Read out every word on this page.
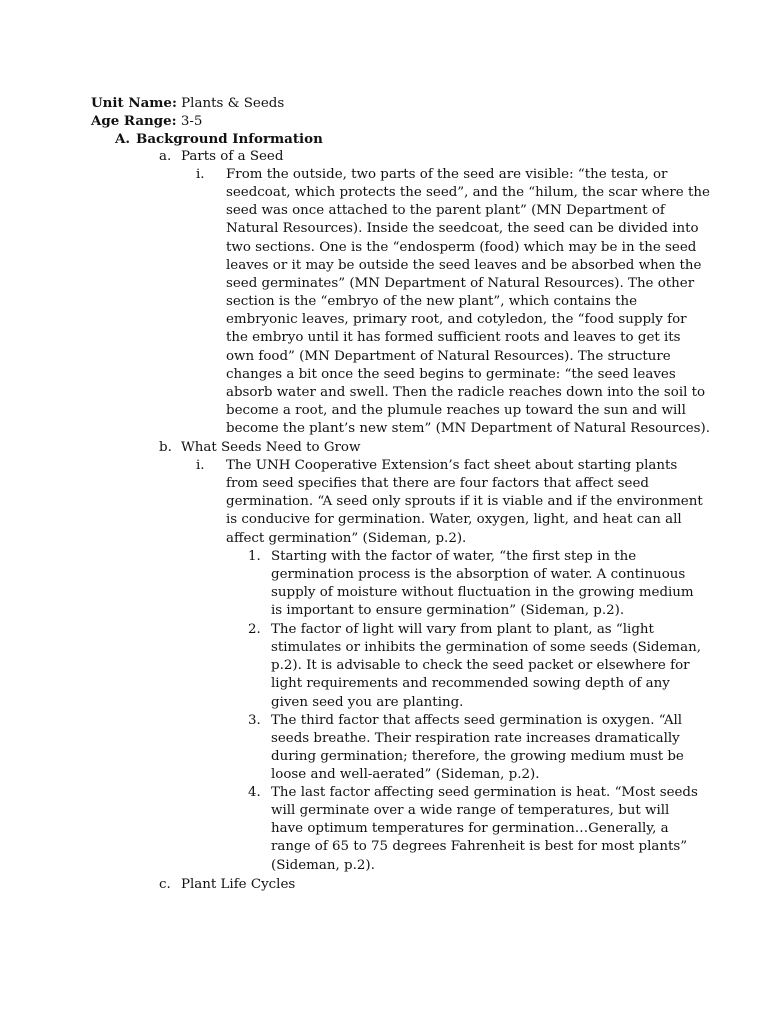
Unit Name: Plants & Seeds
Age Range: 3-5
A. Background Information
a. Parts of a Seed
i. From the outside, two parts of the seed are visible: “the testa, or
seedcoat, which protects the seed”, and the “hilum, the scar where the
seed was once attached to the parent plant” (MN Department of
Natural Resources). Inside the seedcoat, the seed can be divided into
two sections. One is the “endosperm (food) which may be in the seed
leaves or it may be outside the seed leaves and be absorbed when the
seed germinates” (MN Department of Natural Resources). The other
section is the “embryo of the new plant”, which contains the
embryonic leaves, primary root, and cotyledon, the “food supply for
the embryo until it has formed sufficient roots and leaves to get its
own food” (MN Department of Natural Resources). The structure
changes a bit once the seed begins to germinate: “the seed leaves
absorb water and swell. Then the radicle reaches down into the soil to
become a root, and the plumule reaches up toward the sun and will
become the plant’s new stem” (MN Department of Natural Resources).
b. What Seeds Need to Grow
i. The UNH Cooperative Extension’s fact sheet about starting plants
from seed specifies that there are four factors that affect seed
germination. “A seed only sprouts if it is viable and if the environment
is conducive for germination. Water, oxygen, light, and heat can all
affect germination” (Sideman, p.2).
1. Starting with the factor of water, “the first step in the
germination process is the absorption of water. A continuous
supply of moisture without fluctuation in the growing medium
is important to ensure germination” (Sideman, p.2).
2. The factor of light will vary from plant to plant, as “light
stimulates or inhibits the germination of some seeds (Sideman,
p.2). It is advisable to check the seed packet or elsewhere for
light requirements and recommended sowing depth of any
given seed you are planting.
3. The third factor that affects seed germination is oxygen. “All
seeds breathe. Their respiration rate increases dramatically
during germination; therefore, the growing medium must be
loose and well-aerated” (Sideman, p.2).
4. The last factor affecting seed germination is heat. “Most seeds
will germinate over a wide range of temperatures, but will
have optimum temperatures for germination…Generally, a
range of 65 to 75 degrees Fahrenheit is best for most plants”
(Sideman, p.2).
c. Plant Life Cycles
